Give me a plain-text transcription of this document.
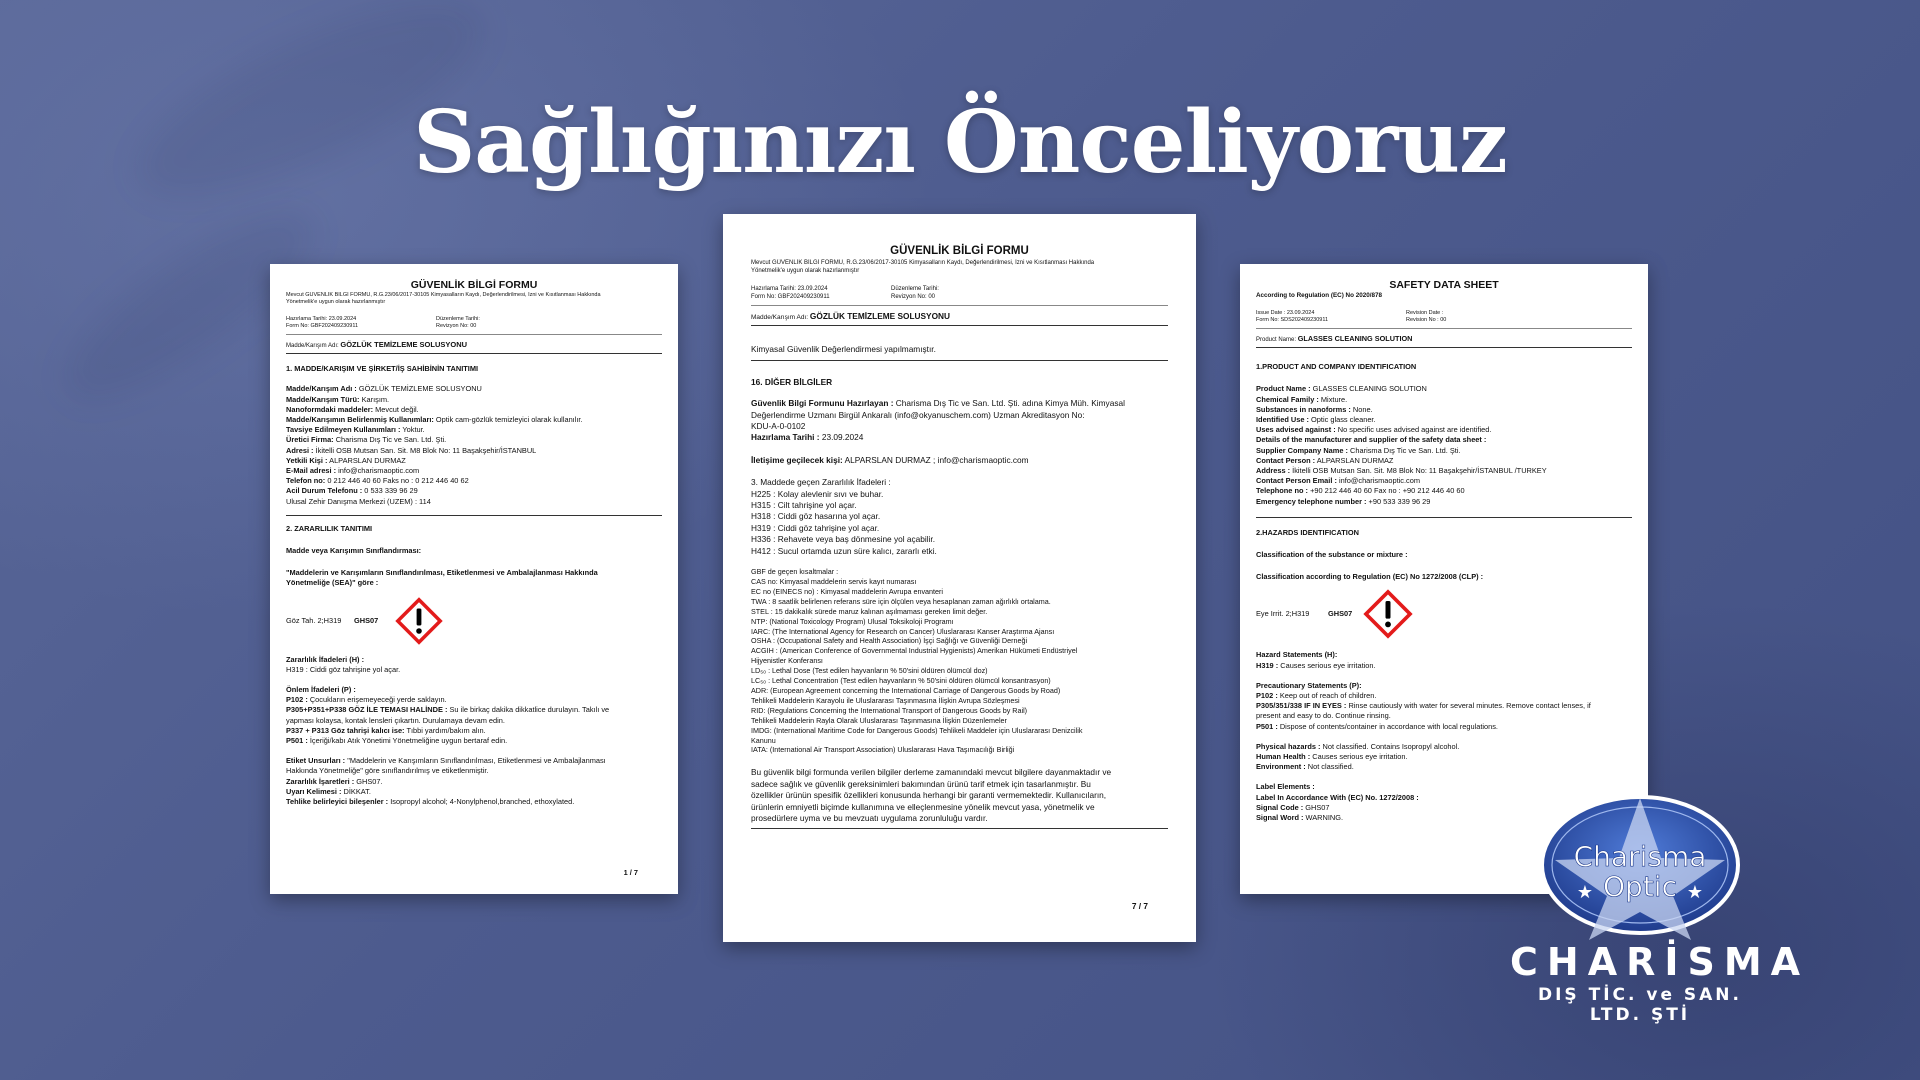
Sağlığınızı Önceliyoruz
GÜVENLİK BİLGİ FORMU
Mevcut GÜVENLİK BİLGİ FORMU, R.G.23/06/2017-30105 Kimyasalların Kaydı, Değerlendirilmesi, İzni ve Kısıtlanması Hakkında
Yönetmelik'e uygun olarak hazırlanmıştır
Hazırlama Tarihi: 23.09.2024	Düzenleme Tarihi:
Form No: GBF202409230911	Revizyon No: 00
Madde/Karışım Adı: GÖZLÜK TEMİZLEME SOLUSYONU
1. MADDE/KARIŞIM VE ŞİRKET/İŞ SAHİBİNİN TANITIMI
Madde/Karışım Adı : GÖZLÜK TEMİZLEME SOLUSYONU
Madde/Karışım Türü: Karışım.
Nanoformdaki maddeler: Mevcut değil.
Madde/Karışımın Belirlenmiş Kullanımları: Optik cam-gözlük temizleyici olarak kullanılır.
Tavsiye Edilmeyen Kullanımları : Yoktur.
Üretici Firma: Charisma Dış Tic ve San. Ltd. Şti.
Adresi : İkitelli OSB Mutsan San. Sit. M8 Blok No: 11 Başakşehir/İSTANBUL
Yetkili Kişi : ALPARSLAN DURMAZ
E-Mail adresi : info@charismaoptic.com
Telefon no: 0 212 446 40 60 Faks no : 0 212 446 40 62
Acil Durum Telefonu : 0 533 339 96 29
Ulusal Zehir Danışma Merkezi (UZEM) : 114
2. ZARARLILIK TANITIMI
Madde veya Karışımın Sınıflandırması:
"Maddelerin ve Karışımların Sınıflandırılması, Etiketlenmesi ve Ambalajlanması Hakkında
Yönetmeliğe (SEA)" göre :
Göz Tah. 2;H319	GHS07
Zararlılık İfadeleri (H) :
H319 : Ciddi göz tahrişine yol açar.
Önlem İfadeleri (P) :
P102 : Çocukların erişemeyeceği yerde saklayın.
P305+P351+P338 GÖZ İLE TEMASI HALİNDE : Su ile birkaç dakika dikkatlice durulayın. Takılı ve
yapması kolaysa, kontak lensleri çıkartın. Durulamaya devam edin.
P337 + P313 Göz tahrişi kalıcı ise: Tıbbi yardım/bakım alın.
P501 : İçeriği/kabı Atık Yönetimi Yönetmeliğine uygun bertaraf edin.
Etiket Unsurları : "Maddelerin ve Karışımların Sınıflandırılması, Etiketlenmesi ve Ambalajlanması
Hakkında Yönetmeliğe" göre sınıflandırılmış ve etiketlenmiştir.
Zararlılık İşaretleri : GHS07.
Uyarı Kelimesi : DİKKAT.
Tehlike belirleyici bileşenler : Isopropyl alcohol; 4-Nonylphenol,branched, ethoxylated.
1 / 7
GÜVENLİK BİLGİ FORMU
Mevcut GÜVENLİK BİLGİ FORMU, R.G.23/06/2017-30105 Kimyasalların Kaydı, Değerlendirilmesi, İzni ve Kısıtlanması Hakkında
Yönetmelik'e uygun olarak hazırlanmıştır
Hazırlama Tarihi: 23.09.2024	Düzenleme Tarihi:
Form No: GBF202409230911	Revizyon No: 00
Madde/Karışım Adı: GÖZLÜK TEMİZLEME SOLUSYONU
Kimyasal Güvenlik Değerlendirmesi yapılmamıştır.
16. DİĞER BİLGİLER
Güvenlik Bilgi Formunu Hazırlayan : Charisma Dış Tic ve San. Ltd. Şti. adına Kimya Müh. Kimyasal
Değerlendirme Uzmanı Birgül Ankaralı (info@okyanuschem.com) Uzman Akreditasyon No:
KDU-A-0-0102
Hazırlama Tarihi : 23.09.2024
İletişime geçilecek kişi: ALPARSLAN DURMAZ ; info@charismaoptic.com
3. Maddede geçen Zararlılık İfadeleri :
H225 : Kolay alevlenir sıvı ve buhar.
H315 : Cilt tahrişine yol açar.
H318 : Ciddi göz hasarına yol açar.
H319 : Ciddi göz tahrişine yol açar.
H336 : Rehavete veya baş dönmesine yol açabilir.
H412 : Sucul ortamda uzun süre kalıcı, zararlı etki.
GBF de geçen kısaltmalar :
CAS no: Kimyasal maddelerin servis kayıt numarası
EC no (EINECS no) : Kimyasal maddelerin Avrupa envanteri
TWA : 8 saatlik belirlenen referans süre için ölçülen veya hesaplanan zaman ağırlıklı ortalama.
STEL : 15 dakikalık sürede maruz kalınan aşılmaması gereken limit değer.
NTP: (National Toxicology Program) Ulusal Toksikoloji Programı
IARC: (The International Agency for Research on Cancer) Uluslararası Kanser Araştırma Ajansı
OSHA : (Occupational Safety and Health Association) İşçi Sağlığı ve Güvenliği Derneği
ACGIH : (American Conference of Governmental Industrial Hygienists) Amerikan Hükümeti Endüstriyel
Hijyenistler Konferansı
LD₅₀ : Lethal Dose (Test edilen hayvanların % 50'sini öldüren ölümcül doz)
LC₅₀ : Lethal Concentration (Test edilen hayvanların % 50'sini öldüren ölümcül konsantrasyon)
ADR: (European Agreement concerning the International Carriage of Dangerous Goods by Road)
Tehlikeli Maddelerin Karayolu ile Uluslararası Taşınmasına İlişkin Avrupa Sözleşmesi
RID: (Regulations Concerning the International Transport of Dangerous Goods by Rail)
Tehlikeli Maddelerin Rayla Olarak Uluslararası Taşınmasına İlişkin Düzenlemeler
IMDG: (International Maritime Code for Dangerous Goods) Tehlikeli Maddeler için Uluslararası Denizcilik
Kanunu
IATA: (International Air Transport Association) Uluslararası Hava Taşımacılığı Birliği
Bu güvenlik bilgi formunda verilen bilgiler derleme zamanındaki mevcut bilgilere dayanmaktadır ve
sadece sağlık ve güvenlik gereksinimleri bakımından ürünü tarif etmek için tasarlanmıştır. Bu
özellikler ürünün spesifik özellikleri konusunda herhangi bir garanti vermemektedir. Kullanıcıların,
ürünlerin emniyetli biçimde kullanımına ve elleçlenmesine yönelik mevcut yasa, yönetmelik ve
prosedürlere uyma ve bu mevzuatı uygulama zorunluluğu vardır.
7 / 7
SAFETY DATA SHEET
According to Regulation (EC) No 2020/878
Issue Date : 23.09.2024	Revision Date :
Form No: SDS202409230911	Revision No : 00
Product Name: GLASSES CLEANING SOLUTION
1.PRODUCT AND COMPANY IDENTIFICATION
Product Name : GLASSES CLEANING SOLUTION
Chemical Family : Mixture.
Substances in nanoforms : None.
Identified Use : Optic glass cleaner.
Uses advised against : No specific uses advised against are identified.
Details of the manufacturer and supplier of the safety data sheet :
Supplier Company Name : Charisma Dış Tic ve San. Ltd. Şti.
Contact Person : ALPARSLAN DURMAZ
Address : İkitelli OSB Mutsan San. Sit. M8 Blok No: 11 Başakşehir/İSTANBUL /TURKEY
Contact Person Email : info@charismaoptic.com
Telephone no : +90 212 446 40 60 Fax no : +90 212 446 40 60
Emergency telephone number : +90 533 339 96 29
2.HAZARDS IDENTIFICATION
Classification of the substance or mixture :
Classification according to Regulation (EC) No 1272/2008 (CLP) :
Eye Irrit. 2;H319	GHS07
Hazard Statements (H):
H319 : Causes serious eye irritation.
Precautionary Statements (P):
P102 : Keep out of reach of children.
P305/351/338 IF IN EYES : Rinse cautiously with water for several minutes. Remove contact lenses, if
present and easy to do. Continue rinsing.
P501 : Dispose of contents/container in accordance with local regulations.
Physical hazards : Not classified. Contains Isopropyl alcohol.
Human Health : Causes serious eye irritation.
Environment : Not classified.
Label Elements :
Label In Accordance With (EC) No. 1272/2008 :
Signal Code : GHS07
Signal Word : WARNING.
Charisma
Optic
★	★
CHARİSMA
DIŞ TİC. ve SAN. LTD. ŞTİ
